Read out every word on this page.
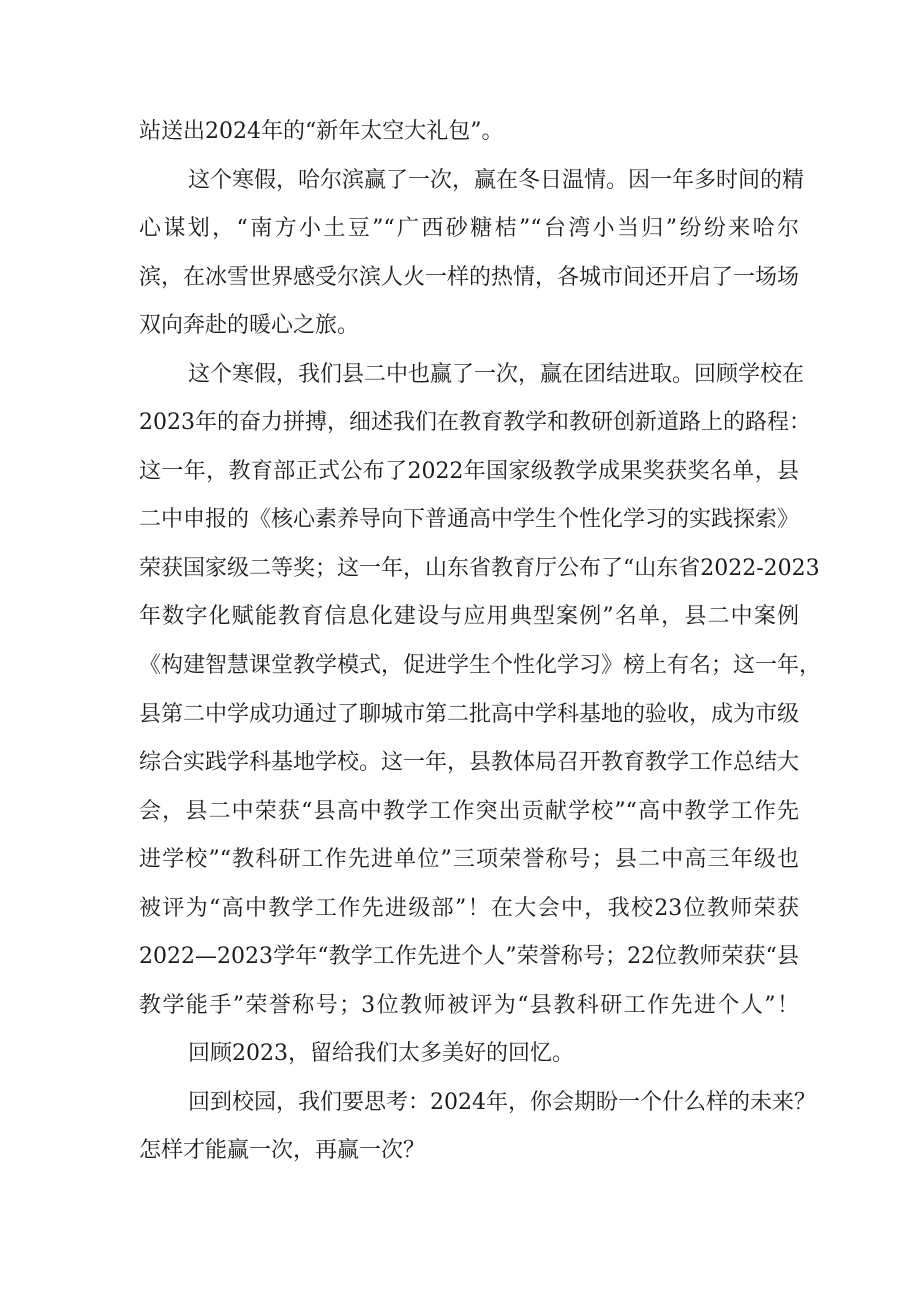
站送出2024年的“新年太空大礼包”。
这个寒假，哈尔滨赢了一次，赢在冬日温情。因一年多时间的精
心谋划，“南方小土豆”“广西砂糖桔”“台湾小当归”纷纷来哈尔
滨，在冰雪世界感受尔滨人火一样的热情，各城市间还开启了一场场
双向奔赴的暖心之旅。
这个寒假，我们县二中也赢了一次，赢在团结进取。回顾学校在
2023年的奋力拼搏，细述我们在教育教学和教研创新道路上的路程：
这一年，教育部正式公布了2022年国家级教学成果奖获奖名单，县
二中申报的《核心素养导向下普通高中学生个性化学习的实践探索》
荣获国家级二等奖；这一年，山东省教育厅公布了“山东省2022-2023
年数字化赋能教育信息化建设与应用典型案例”名单，县二中案例
《构建智慧课堂教学模式，促进学生个性化学习》榜上有名；这一年，
县第二中学成功通过了聊城市第二批高中学科基地的验收，成为市级
综合实践学科基地学校。这一年，县教体局召开教育教学工作总结大
会，县二中荣获“县高中教学工作突出贡献学校”“高中教学工作先
进学校”“教科研工作先进单位”三项荣誉称号；县二中高三年级也
被评为“高中教学工作先进级部”！在大会中，我校23位教师荣获
2022—2023学年“教学工作先进个人”荣誉称号；22位教师荣获“县
教学能手”荣誉称号；3位教师被评为“县教科研工作先进个人”！
回顾2023，留给我们太多美好的回忆。
回到校园，我们要思考：2024年，你会期盼一个什么样的未来？
怎样才能赢一次，再赢一次？
